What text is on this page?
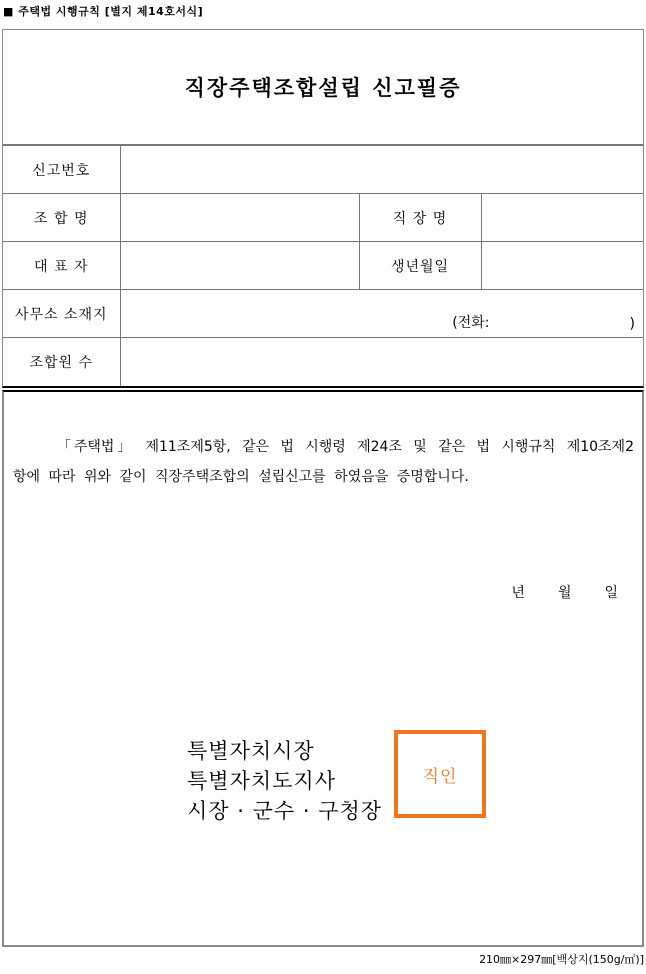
■ 주택법 시행규칙 [별지 제14호서식]
직장주택조합설립 신고필증
신고번호			
조 합 명		직 장 명	
대 표 자		생년월일	
사무소 소재지	(전화: )		

조합원 수			
「주택법」 제11조제5항, 같은 법 시행령 제24조 및 같은 법 시행규칙 제10조제2
항에 따라 위와 같이 직장주택조합의 설립신고를 하였음을 증명합니다.
년 월 일
특별자치시장
특별자치도지사
시장 · 군수 · 구청장
직인
210㎜×297㎜[백상지(150g/㎡)]
